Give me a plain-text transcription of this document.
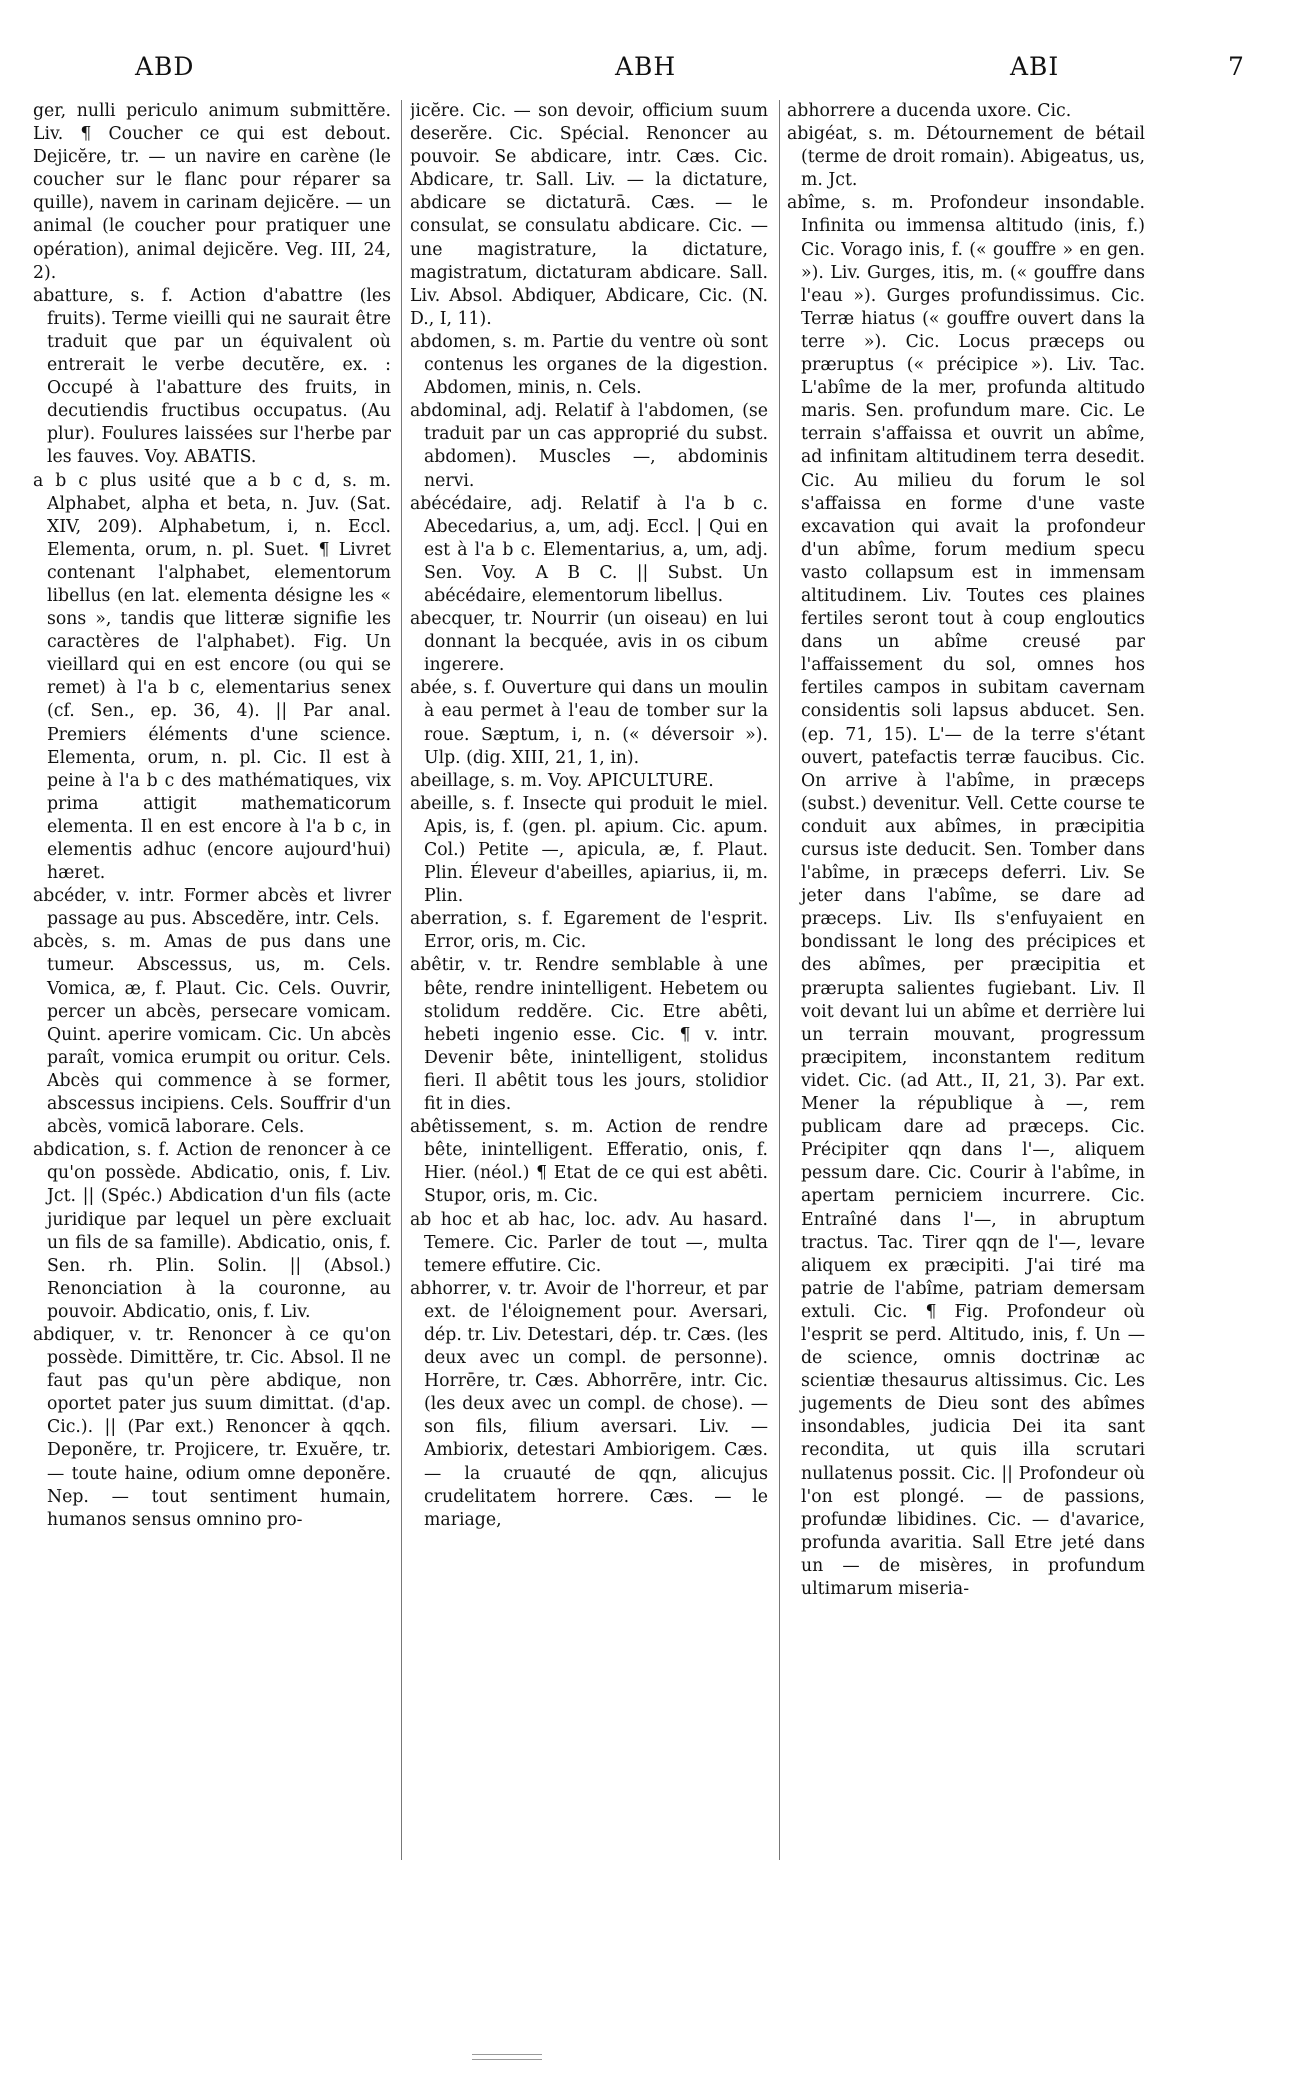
ABD	ABH	ABI	7

ger, nulli periculo animum submittĕre. Liv. ¶ Coucher ce qui est debout. Dejicĕre, tr. — un navire en carène (le coucher sur le flanc pour réparer sa quille), navem in carinam dejicĕre. — un animal (le coucher pour pratiquer une opération), animal dejicĕre. Veg. III, 24, 2).

abatture, s. f. Action d'abattre (les fruits). Terme vieilli qui ne saurait être traduit que par un équivalent où entrerait le verbe decutĕre, ex. : Occupé à l'abatture des fruits, in decutiendis fructibus occupatus. (Au plur). Foulures laissées sur l'herbe par les fauves. Voy. ABATIS.

a b c plus usité que a b c d, s. m. Alphabet, alpha et beta, n. Juv. (Sat. XIV, 209). Alphabetum, i, n. Eccl. Elementa, orum, n. pl. Suet. ¶ Livret contenant l'alphabet, elementorum libellus (en lat. elementa désigne les « sons », tandis que litteræ signifie les caractères de l'alphabet). Fig. Un vieillard qui en est encore (ou qui se remet) à l'a b c, elementarius senex (cf. Sen., ep. 36, 4). || Par anal. Premiers éléments d'une science. Elementa, orum, n. pl. Cic. Il est à peine à l'a b c des mathématiques, vix prima attigit mathematicorum elementa. Il en est encore à l'a b c, in elementis adhuc (encore aujourd'hui) hæret.

abcéder, v. intr. Former abcès et livrer passage au pus. Abscedĕre, intr. Cels.

abcès, s. m. Amas de pus dans une tumeur. Abscessus, us, m. Cels. Vomica, æ, f. Plaut. Cic. Cels. Ouvrir, percer un abcès, persecare vomicam. Quint. aperire vomicam. Cic. Un abcès paraît, vomica erumpit ou oritur. Cels. Abcès qui commence à se former, abscessus incipiens. Cels. Souffrir d'un abcès, vomicā laborare. Cels.

abdication, s. f. Action de renoncer à ce qu'on possède. Abdicatio, onis, f. Liv. Jct. || (Spéc.) Abdication d'un fils (acte juridique par lequel un père excluait un fils de sa famille). Abdicatio, onis, f. Sen. rh. Plin. Solin. || (Absol.) Renonciation à la couronne, au pouvoir. Abdicatio, onis, f. Liv.

abdiquer, v. tr. Renoncer à ce qu'on possède. Dimittĕre, tr. Cic. Absol. Il ne faut pas qu'un père abdique, non oportet pater jus suum dimittat. (d'ap. Cic.). || (Par ext.) Renoncer à qqch. Deponĕre, tr. Projicere, tr. Exuĕre, tr. — toute haine, odium omne deponĕre. Nep. — tout sentiment humain, humanos sensus omnino pro-

jicĕre. Cic. — son devoir, officium suum deserĕre. Cic. Spécial. Renoncer au pouvoir. Se abdicare, intr. Cæs. Cic. Abdicare, tr. Sall. Liv. — la dictature, abdicare se dictaturā. Cæs. — le consulat, se consulatu abdicare. Cic. — une magistrature, la dictature, magistratum, dictaturam abdicare. Sall. Liv. Absol. Abdiquer, Abdicare, Cic. (N. D., I, 11).

abdomen, s. m. Partie du ventre où sont contenus les organes de la digestion. Abdomen, minis, n. Cels.

abdominal, adj. Relatif à l'abdomen, (se traduit par un cas approprié du subst. abdomen). Muscles —, abdominis nervi.

abécédaire, adj. Relatif à l'a b c. Abecedarius, a, um, adj. Eccl. | Qui en est à l'a b c. Elementarius, a, um, adj. Sen. Voy. A B C. || Subst. Un abécédaire, elementorum libellus.

abecquer, tr. Nourrir (un oiseau) en lui donnant la becquée, avis in os cibum ingerere.

abée, s. f. Ouverture qui dans un moulin à eau permet à l'eau de tomber sur la roue. Sæptum, i, n. (« déversoir »). Ulp. (dig. XIII, 21, 1, in).

abeillage, s. m. Voy. APICULTURE.

abeille, s. f. Insecte qui produit le miel. Apis, is, f. (gen. pl. apium. Cic. apum. Col.) Petite —, apicula, æ, f. Plaut. Plin. Éleveur d'abeilles, apiarius, ii, m. Plin.

aberration, s. f. Egarement de l'esprit. Error, oris, m. Cic.

abêtir, v. tr. Rendre semblable à une bête, rendre inintelligent. Hebetem ou stolidum reddĕre. Cic. Etre abêti, hebeti ingenio esse. Cic. ¶ v. intr. Devenir bête, inintelligent, stolidus fieri. Il abêtit tous les jours, stolidior fit in dies.

abêtissement, s. m. Action de rendre bête, inintelligent. Efferatio, onis, f. Hier. (néol.) ¶ Etat de ce qui est abêti. Stupor, oris, m. Cic.

ab hoc et ab hac, loc. adv. Au hasard. Temere. Cic. Parler de tout —, multa temere effutire. Cic.

abhorrer, v. tr. Avoir de l'horreur, et par ext. de l'éloignement pour. Aversari, dép. tr. Liv. Detestari, dép. tr. Cæs. (les deux avec un compl. de personne). Horrēre, tr. Cæs. Abhorrēre, intr. Cic. (les deux avec un compl. de chose). — son fils, filium aversari. Liv. — Ambiorix, detestari Ambiorigem. Cæs. — la cruauté de qqn, alicujus crudelitatem horrere. Cæs. — le mariage,

abhorrere a ducenda uxore. Cic.

abigéat, s. m. Détournement de bétail (terme de droit romain). Abigeatus, us, m. Jct.

abîme, s. m. Profondeur insondable. Infinita ou immensa altitudo (inis, f.) Cic. Vorago inis, f. (« gouffre » en gen. »). Liv. Gurges, itis, m. (« gouffre dans l'eau »). Gurges profundissimus. Cic. Terræ hiatus (« gouffre ouvert dans la terre »). Cic. Locus præceps ou præruptus (« précipice »). Liv. Tac. L'abîme de la mer, profunda altitudo maris. Sen. profundum mare. Cic. Le terrain s'affaissa et ouvrit un abîme, ad infinitam altitudinem terra desedit. Cic. Au milieu du forum le sol s'affaissa en forme d'une vaste excavation qui avait la profondeur d'un abîme, forum medium specu vasto collapsum est in immensam altitudinem. Liv. Toutes ces plaines fertiles seront tout à coup engloutics dans un abîme creusé par l'affaissement du sol, omnes hos fertiles campos in subitam cavernam considentis soli lapsus abducet. Sen. (ep. 71, 15). L'— de la terre s'étant ouvert, patefactis terræ faucibus. Cic. On arrive à l'abîme, in præceps (subst.) devenitur. Vell. Cette course te conduit aux abîmes, in præcipitia cursus iste deducit. Sen. Tomber dans l'abîme, in præceps deferri. Liv. Se jeter dans l'abîme, se dare ad præceps. Liv. Ils s'enfuyaient en bondissant le long des précipices et des abîmes, per præcipitia et prærupta salientes fugiebant. Liv. Il voit devant lui un abîme et derrière lui un terrain mouvant, progressum præcipitem, inconstantem reditum videt. Cic. (ad Att., II, 21, 3). Par ext. Mener la république à —, rem publicam dare ad præceps. Cic. Précipiter qqn dans l'—, aliquem pessum dare. Cic. Courir à l'abîme, in apertam perniciem incurrere. Cic. Entraîné dans l'—, in abruptum tractus. Tac. Tirer qqn de l'—, levare aliquem ex præcipiti. J'ai tiré ma patrie de l'abîme, patriam demersam extuli. Cic. ¶ Fig. Profondeur où l'esprit se perd. Altitudo, inis, f. Un — de science, omnis doctrinæ ac scientiæ thesaurus altissimus. Cic. Les jugements de Dieu sont des abîmes insondables, judicia Dei ita sant recondita, ut quis illa scrutari nullatenus possit. Cic. || Profondeur où l'on est plongé. — de passions, profundæ libidines. Cic. — d'avarice, profunda avaritia. Sall Etre jeté dans un — de misères, in profundum ultimarum miseria-
